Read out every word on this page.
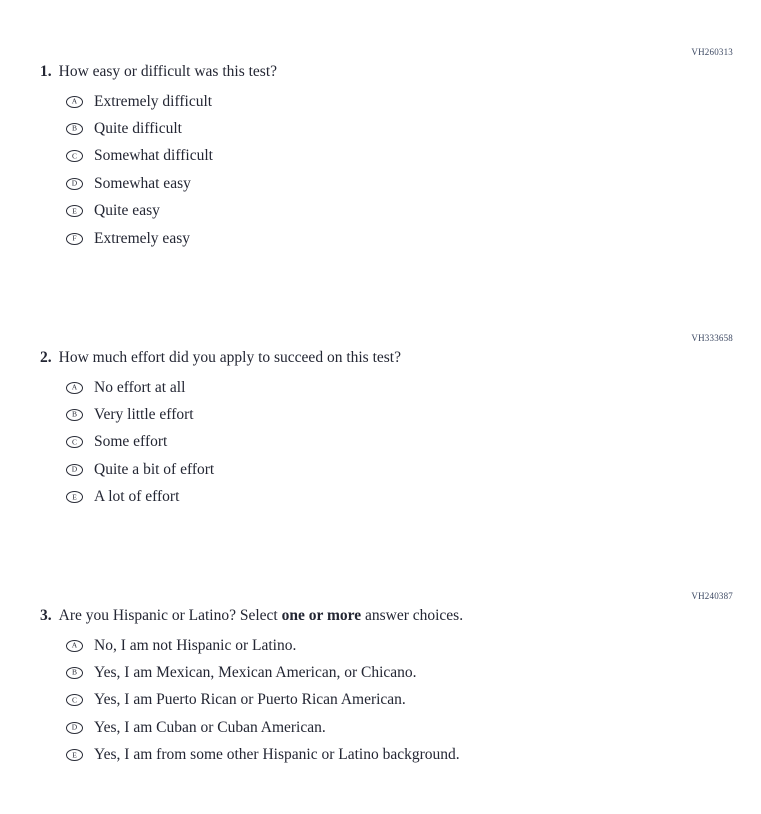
VH260313
1. How easy or difficult was this test?
A Extremely difficult
B Quite difficult
C Somewhat difficult
D Somewhat easy
E Quite easy
F Extremely easy
VH333658
2. How much effort did you apply to succeed on this test?
A No effort at all
B Very little effort
C Some effort
D Quite a bit of effort
E A lot of effort
VH240387
3. Are you Hispanic or Latino? Select one or more answer choices.
A No, I am not Hispanic or Latino.
B Yes, I am Mexican, Mexican American, or Chicano.
C Yes, I am Puerto Rican or Puerto Rican American.
D Yes, I am Cuban or Cuban American.
E Yes, I am from some other Hispanic or Latino background.
